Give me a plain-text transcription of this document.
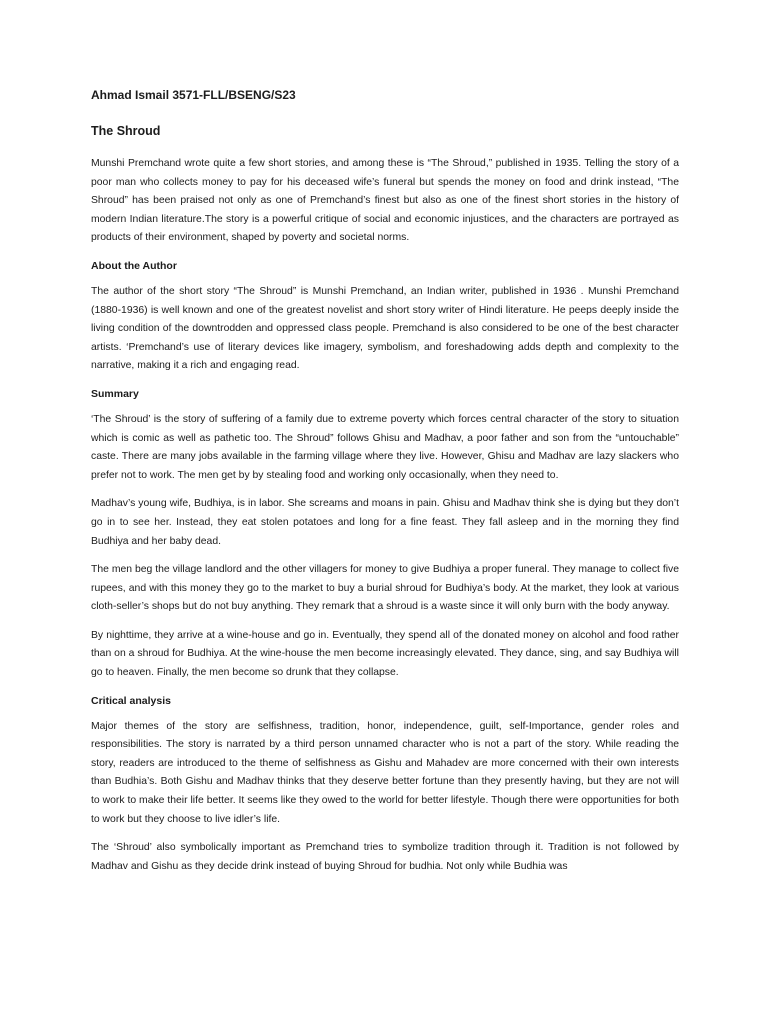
Ahmad Ismail 3571-FLL/BSENG/S23
The Shroud

Munshi Premchand wrote quite a few short stories, and among these is “The Shroud,” published in 1935. Telling the story of a poor man who collects money to pay for his deceased wife’s funeral but spends the money on food and drink instead, “The Shroud” has been praised not only as one of Premchand’s finest but also as one of the finest short stories in the history of modern Indian literature.The story is a powerful critique of social and economic injustices, and the characters are portrayed as products of their environment, shaped by poverty and societal norms.

About the Author

The author of the short story “The Shroud” is Munshi Premchand, an Indian writer, published in 1936 . Munshi Premchand (1880-1936) is well known and one of the greatest novelist and short story writer of Hindi literature. He peeps deeply inside the living condition of the downtrodden and oppressed class people. Premchand is also considered to be one of the best character artists. ‘Premchand’s use of literary devices like imagery, symbolism, and foreshadowing adds depth and complexity to the narrative, making it a rich and engaging read.

Summary

‘The Shroud’ is the story of suffering of a family due to extreme poverty which forces central character of the story to situation which is comic as well as pathetic too. The Shroud” follows Ghisu and Madhav, a poor father and son from the “untouchable” caste. There are many jobs available in the farming village where they live. However, Ghisu and Madhav are lazy slackers who prefer not to work. The men get by by stealing food and working only occasionally, when they need to.

Madhav’s young wife, Budhiya, is in labor. She screams and moans in pain. Ghisu and Madhav think she is dying but they don’t go in to see her. Instead, they eat stolen potatoes and long for a fine feast. They fall asleep and in the morning they find Budhiya and her baby dead.

The men beg the village landlord and the other villagers for money to give Budhiya a proper funeral. They manage to collect five rupees, and with this money they go to the market to buy a burial shroud for Budhiya’s body. At the market, they look at various cloth-seller’s shops but do not buy anything. They remark that a shroud is a waste since it will only burn with the body anyway.

By nighttime, they arrive at a wine-house and go in. Eventually, they spend all of the donated money on alcohol and food rather than on a shroud for Budhiya. At the wine-house the men become increasingly elevated. They dance, sing, and say Budhiya will go to heaven. Finally, the men become so drunk that they collapse.

Critical analysis

Major themes of the story are selfishness, tradition, honor, independence, guilt, self-Importance, gender roles and responsibilities. The story is narrated by a third person unnamed character who is not a part of the story. While reading the story, readers are introduced to the theme of selfishness as Gishu and Mahadev are more concerned with their own interests than Budhia’s. Both Gishu and Madhav thinks that they deserve better fortune than they presently having, but they are not will to work to make their life better. It seems like they owed to the world for better lifestyle. Though there were opportunities for both to work but they choose to live idler’s life.

The ‘Shroud’ also symbolically important as Premchand tries to symbolize tradition through it. Tradition is not followed by Madhav and Gishu as they decide drink instead of buying Shroud for budhia. Not only while Budhia was
